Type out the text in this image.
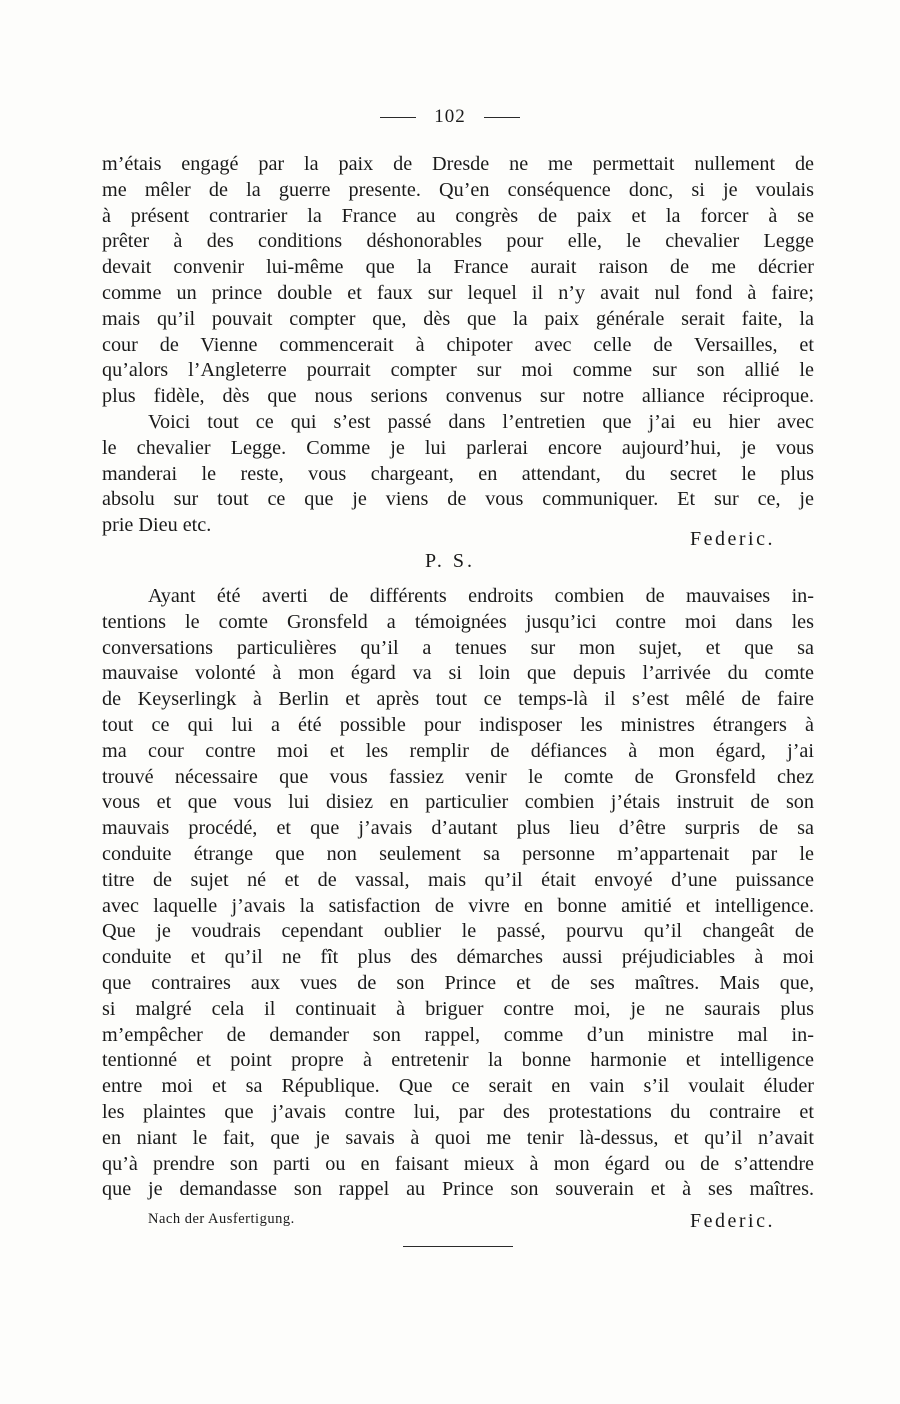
102
m’étais engagé par la paix de Dresde ne me permettait nullement de
me mêler de la guerre presente. Qu’en conséquence donc, si je voulais
à présent contrarier la France au congrès de paix et la forcer à se
prêter à des conditions déshonorables pour elle, le chevalier Legge
devait convenir lui-même que la France aurait raison de me décrier
comme un prince double et faux sur lequel il n’y avait nul fond à faire;
mais qu’il pouvait compter que, dès que la paix générale serait faite, la
cour de Vienne commencerait à chipoter avec celle de Versailles, et
qu’alors l’Angleterre pourrait compter sur moi comme sur son allié le
plus fidèle, dès que nous serions convenus sur notre alliance réciproque.
Voici tout ce qui s’est passé dans l’entretien que j’ai eu hier avec
le chevalier Legge. Comme je lui parlerai encore aujourd’hui, je vous
manderai le reste, vous chargeant, en attendant, du secret le plus
absolu sur tout ce que je viens de vous communiquer. Et sur ce, je
prie Dieu etc.
Federic.
P. S.
Ayant été averti de différents endroits combien de mauvaises in-
tentions le comte Gronsfeld a témoignées jusqu’ici contre moi dans les
conversations particulières qu’il a tenues sur mon sujet, et que sa
mauvaise volonté à mon égard va si loin que depuis l’arrivée du comte
de Keyserlingk à Berlin et après tout ce temps-là il s’est mêlé de faire
tout ce qui lui a été possible pour indisposer les ministres étrangers à
ma cour contre moi et les remplir de défiances à mon égard, j’ai
trouvé nécessaire que vous fassiez venir le comte de Gronsfeld chez
vous et que vous lui disiez en particulier combien j’étais instruit de son
mauvais procédé, et que j’avais d’autant plus lieu d’être surpris de sa
conduite étrange que non seulement sa personne m’appartenait par le
titre de sujet né et de vassal, mais qu’il était envoyé d’une puissance
avec laquelle j’avais la satisfaction de vivre en bonne amitié et intelligence.
Que je voudrais cependant oublier le passé, pourvu qu’il changeât de
conduite et qu’il ne fît plus des démarches aussi préjudiciables à moi
que contraires aux vues de son Prince et de ses maîtres. Mais que,
si malgré cela il continuait à briguer contre moi, je ne saurais plus
m’empêcher de demander son rappel, comme d’un ministre mal in-
tentionné et point propre à entretenir la bonne harmonie et intelligence
entre moi et sa République. Que ce serait en vain s’il voulait éluder
les plaintes que j’avais contre lui, par des protestations du contraire et
en niant le fait, que je savais à quoi me tenir là-dessus, et qu’il n’avait
qu’à prendre son parti ou en faisant mieux à mon égard ou de s’attendre
que je demandasse son rappel au Prince son souverain et à ses maîtres.
Nach der Ausfertigung.	Federic.
